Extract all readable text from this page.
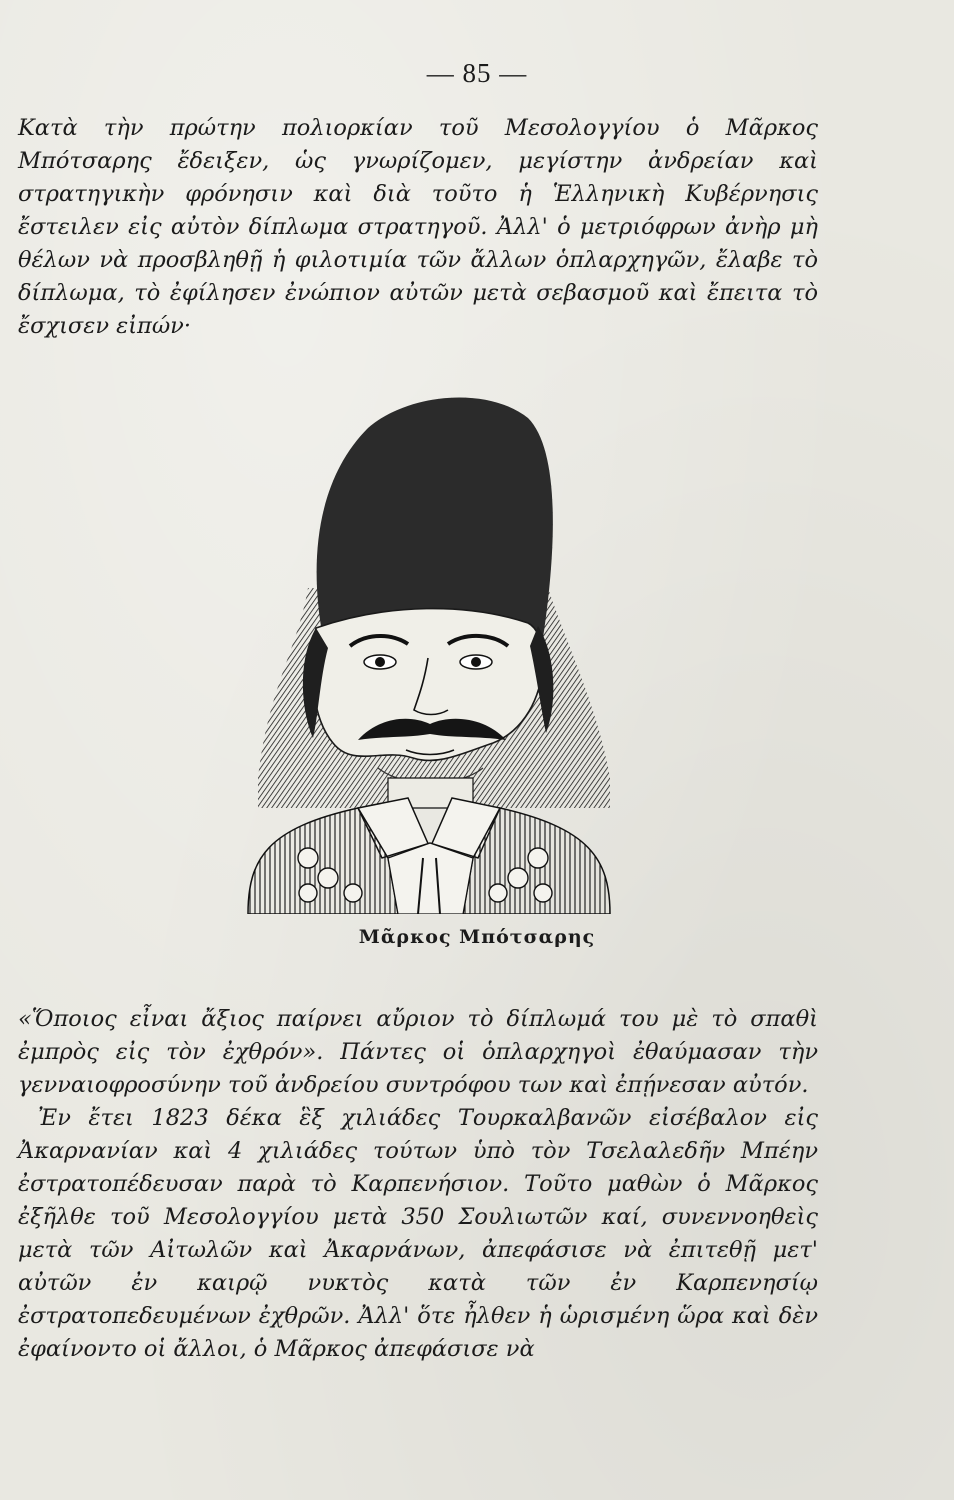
— 85 —

Κατὰ τὴν πρώτην πολιορκίαν τοῦ Μεσολογγίου ὁ Μᾶρκος Μπότσαρης ἔδειξεν, ὡς γνωρίζομεν, μεγίστην ἀνδρείαν καὶ στρατηγικὴν φρόνησιν καὶ διὰ τοῦτο ἡ Ἑλληνικὴ Κυβέρνησις ἔστειλεν εἰς αὐτὸν δίπλωμα στρατηγοῦ. Ἀλλ' ὁ μετριόφρων ἀνὴρ μὴ θέλων νὰ προσβληθῇ ἡ φιλοτιμία τῶν ἄλλων ὁπλαρχηγῶν, ἔλαβε τὸ δίπλωμα, τὸ ἐφίλησεν ἐνώπιον αὐτῶν μετὰ σεβασμοῦ καὶ ἔπειτα τὸ ἔσχισεν εἰπών·

Μᾶρκος Μπότσαρης

«Ὅποιος εἶναι ἄξιος παίρνει αὔριον τὸ δίπλωμά του μὲ τὸ σπαθὶ ἐμπρὸς εἰς τὸν ἐχθρόν». Πάντες οἱ ὁπλαρχηγοὶ ἐθαύμασαν τὴν γενναιοφροσύνην τοῦ ἀνδρείου συντρόφου των καὶ ἐπῄνεσαν αὐτόν.

Ἐν ἔτει 1823 δέκα ἓξ χιλιάδες Τουρκαλβανῶν εἰσέβαλον εἰς Ἀκαρνανίαν καὶ 4 χιλιάδες τούτων ὑπὸ τὸν Τσελαλεδῆν Μπέην ἐστρατοπέδευσαν παρὰ τὸ Καρπενήσιον. Τοῦτο μαθὼν ὁ Μᾶρκος ἐξῆλθε τοῦ Μεσολογγίου μετὰ 350 Σουλιωτῶν καί, συνεννοηθεὶς μετὰ τῶν Αἰτωλῶν καὶ Ἀκαρνάνων, ἀπεφάσισε νὰ ἐπιτεθῇ μετ' αὐτῶν ἐν καιρῷ νυκτὸς κατὰ τῶν ἐν Καρπενησίῳ ἐστρατοπεδευμένων ἐχθρῶν. Ἀλλ' ὅτε ἦλθεν ἡ ὡρισμένη ὥρα καὶ δὲν ἐφαίνοντο οἱ ἄλλοι, ὁ Μᾶρκος ἀπεφάσισε νὰ
